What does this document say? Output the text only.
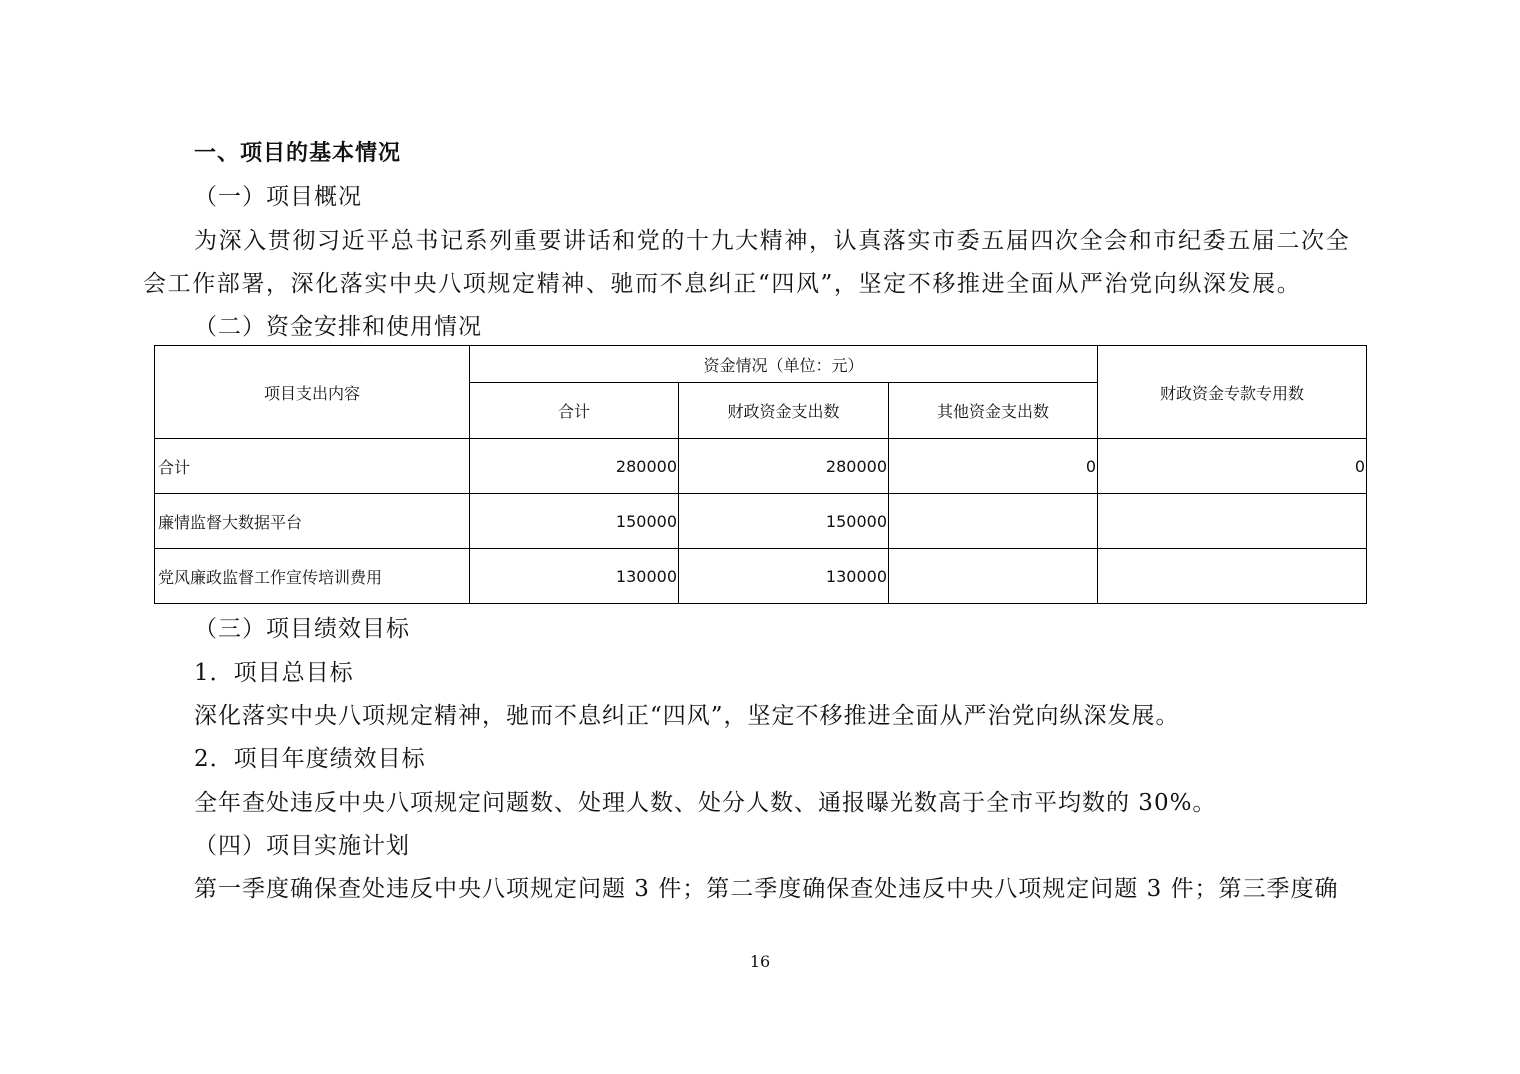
一、项目的基本情况
（一）项目概况
为深入贯彻习近平总书记系列重要讲话和党的十九大精神，认真落实市委五届四次全会和市纪委五届二次全
会工作部署，深化落实中央八项规定精神、驰而不息纠正“四风”，坚定不移推进全面从严治党向纵深发展。
（二）资金安排和使用情况
项目支出内容	资金情况（单位：元）			财政资金专款专用数
	合计	财政资金支出数	其他资金支出数	
合计	280000	280000	0	0
廉情监督大数据平台	150000	150000		
党风廉政监督工作宣传培训费用	130000	130000		
（三）项目绩效目标
1．项目总目标
深化落实中央八项规定精神，驰而不息纠正“四风”，坚定不移推进全面从严治党向纵深发展。
2．项目年度绩效目标
全年查处违反中央八项规定问题数、处理人数、处分人数、通报曝光数高于全市平均数的 30%。
（四）项目实施计划
第一季度确保查处违反中央八项规定问题 3 件；第二季度确保查处违反中央八项规定问题 3 件；第三季度确
16
